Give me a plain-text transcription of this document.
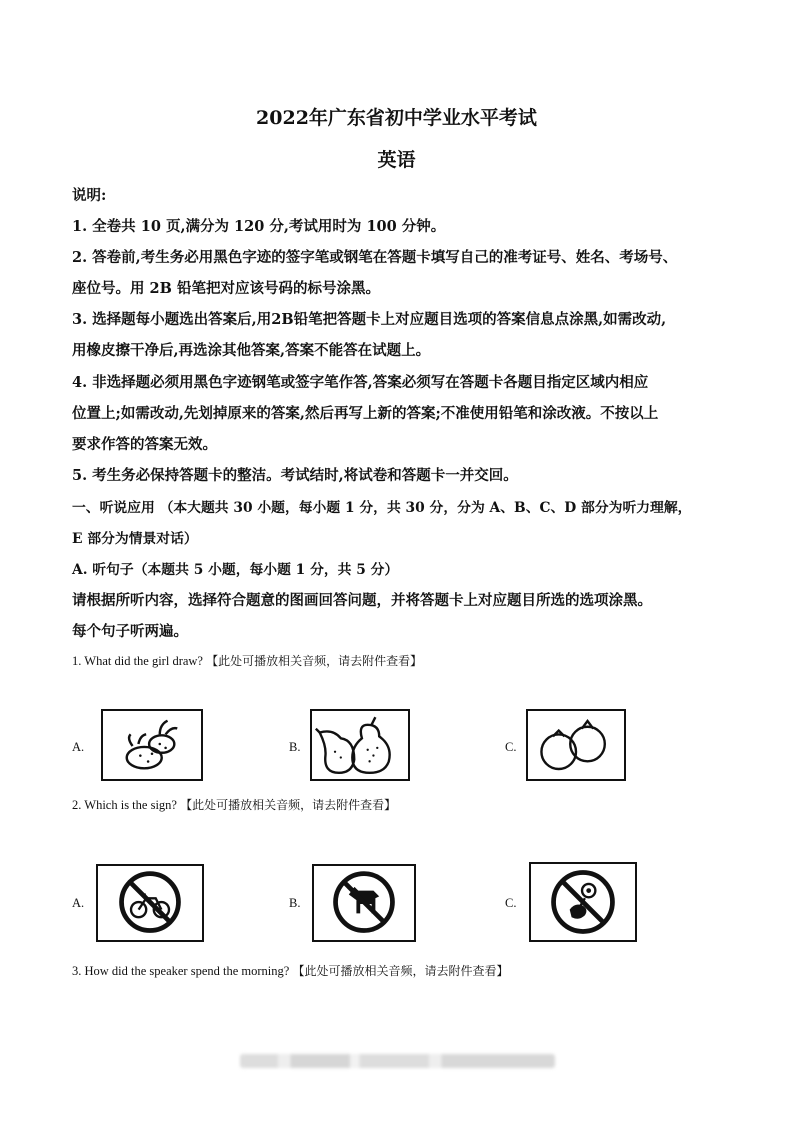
2022年广东省初中学业水平考试
英语
说明:
1. 全卷共 10 页,满分为 120 分,考试用时为 100 分钟。
2. 答卷前,考生务必用黑色字迹的签字笔或钢笔在答题卡填写自己的准考证号、姓名、考场号、
座位号。用 2B 铅笔把对应该号码的标号涂黑。
3. 选择题每小题选出答案后,用2B铅笔把答题卡上对应题目选项的答案信息点涂黑,如需改动,
用橡皮擦干净后,再选涂其他答案,答案不能答在试题上。
4. 非选择题必须用黑色字迹钢笔或签字笔作答,答案必须写在答题卡各题目指定区域内相应
位置上;如需改动,先划掉原来的答案,然后再写上新的答案;不准使用铅笔和涂改液。不按以上
要求作答的答案无效。
5. 考生务必保持答题卡的整洁。考试结时,将试卷和答题卡一并交回。
一、听说应用 （本大题共 30 小题，每小题 1 分，共 30 分，分为 A、B、C、D 部分为听力理解，
E 部分为情景对话）
A. 听句子（本题共 5 小题，每小题 1 分，共 5 分）
请根据所听内容，选择符合题意的图画回答问题，并将答题卡上对应题目所选的选项涂黑。
每个句子听两遍。
1. What did the girl draw? 【此处可播放相关音频，请去附件查看】
A.	B.	C.
2. Which is the sign? 【此处可播放相关音频，请去附件查看】
A.	B.	C.
3. How did the speaker spend the morning? 【此处可播放相关音频，请去附件查看】
